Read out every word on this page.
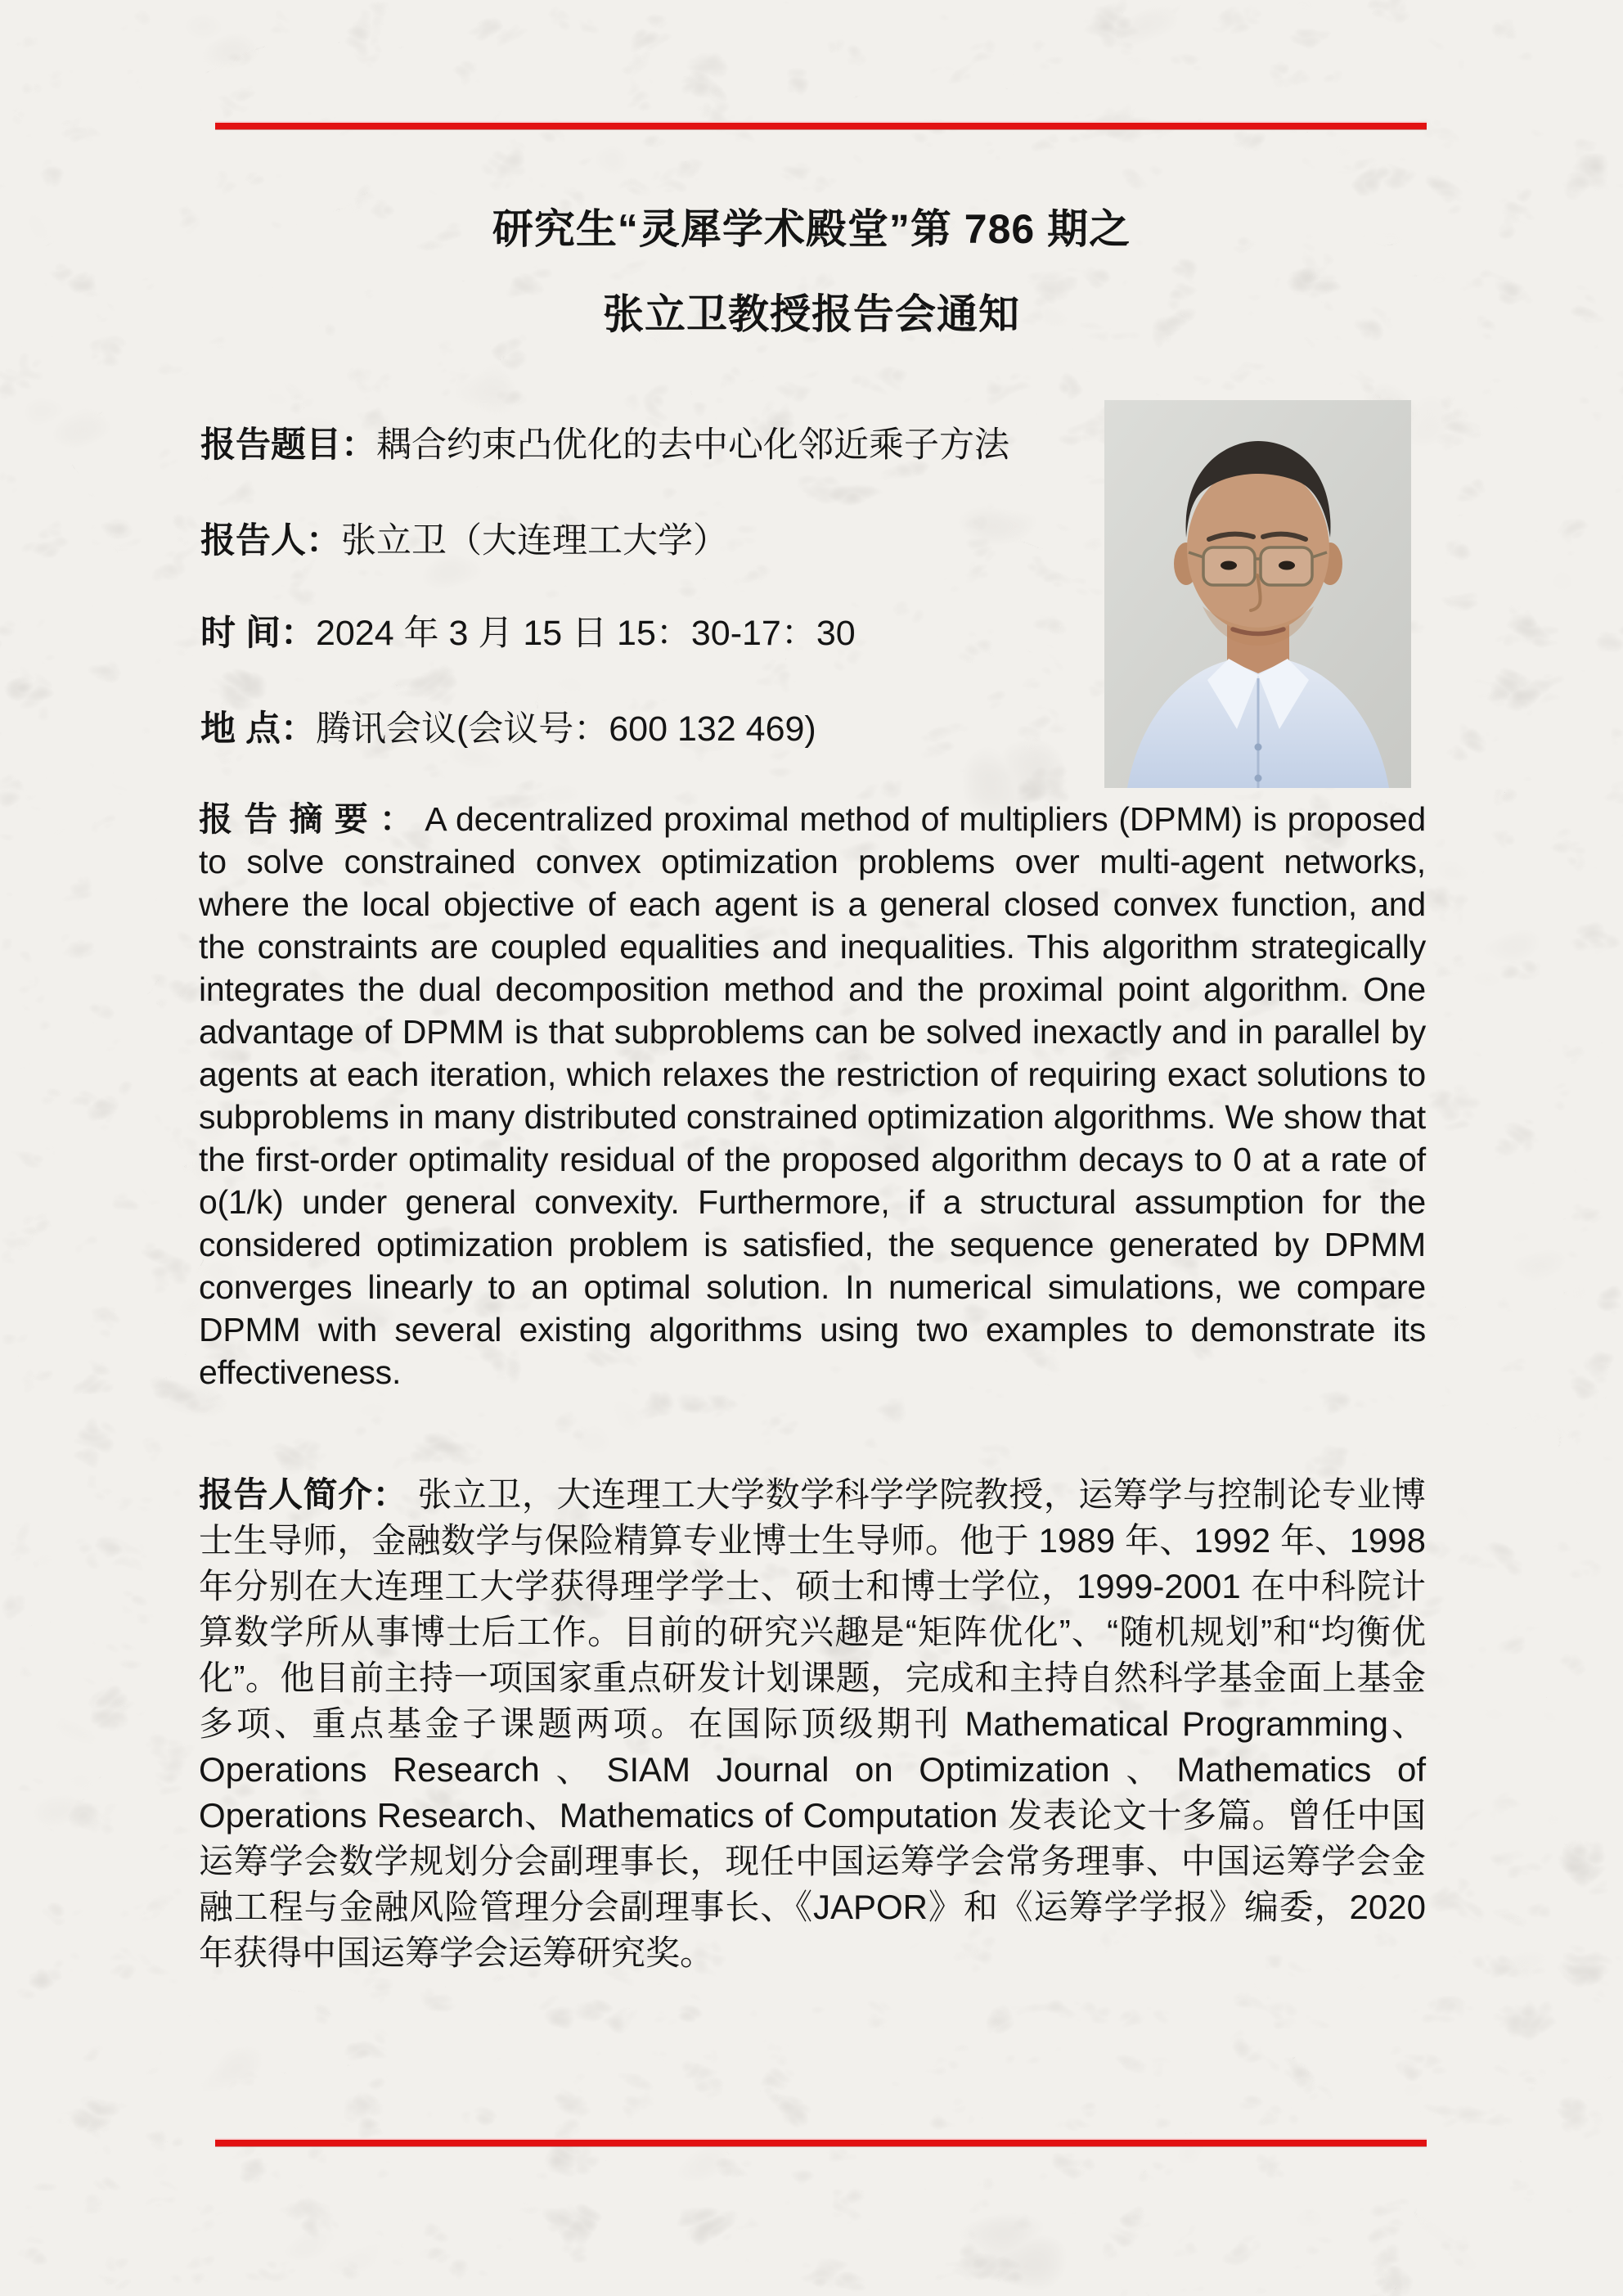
研究生“灵犀学术殿堂”第 786 期之
张立卫教授报告会通知
报告题目：耦合约束凸优化的去中心化邻近乘子方法
报告人：张立卫（大连理工大学）
时 间：2024 年 3 月 15 日 15：30-17：30
地 点：腾讯会议(会议号：600 132 469)

报 告 摘 要 ： A decentralized proximal method of multipliers (DPMM) is proposed to solve constrained convex optimization problems over multi-agent networks, where the local objective of each agent is a general closed convex function, and the constraints are coupled equalities and inequalities. This algorithm strategically integrates the dual decomposition method and the proximal point algorithm. One advantage of DPMM is that subproblems can be solved inexactly and in parallel by agents at each iteration, which relaxes the restriction of requiring exact solutions to subproblems in many distributed constrained optimization algorithms. We show that the first-order optimality residual of the proposed algorithm decays to 0 at a rate of o(1/k) under general convexity. Furthermore, if a structural assumption for the considered optimization problem is satisfied, the sequence generated by DPMM converges linearly to an optimal solution. In numerical simulations, we compare DPMM with several existing algorithms using two examples to demonstrate its effectiveness.

报告人简介： 张立卫，大连理工大学数学科学学院教授，运筹学与控制论专业博士生导师，金融数学与保险精算专业博士生导师。他于 1989 年、1992 年、1998 年分别在大连理工大学获得理学学士、硕士和博士学位，1999-2001 在中科院计算数学所从事博士后工作。目前的研究兴趣是“矩阵优化”、“随机规划”和“均衡优化”。他目前主持一项国家重点研发计划课题，完成和主持自然科学基金面上基金多项、重点基金子课题两项。在国际顶级期刊 Mathematical Programming、Operations Research、SIAM Journal on Optimization、Mathematics of Operations Research、Mathematics of Computation 发表论文十多篇。曾任中国运筹学会数学规划分会副理事长，现任中国运筹学会常务理事、中国运筹学会金融工程与金融风险管理分会副理事长、《JAPOR》和《运筹学学报》编委，2020 年获得中国运筹学会运筹研究奖。
